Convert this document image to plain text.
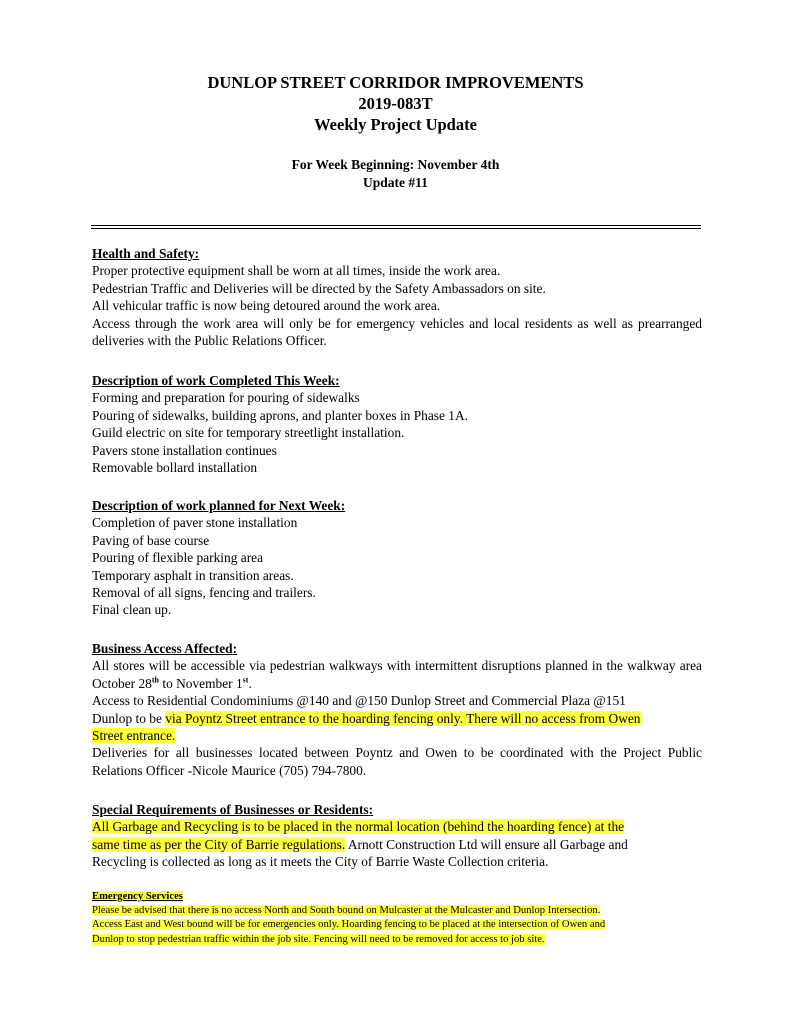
DUNLOP STREET CORRIDOR IMPROVEMENTS
2019-083T
Weekly Project Update
For Week Beginning: November 4th
Update #11
Health and Safety:
Proper protective equipment shall be worn at all times, inside the work area.
Pedestrian Traffic and Deliveries will be directed by the Safety Ambassadors on site.
All vehicular traffic is now being detoured around the work area.
Access through the work area will only be for emergency vehicles and local residents as well as prearranged deliveries with the Public Relations Officer.
Description of work Completed This Week:
Forming and preparation for pouring of sidewalks
Pouring of sidewalks, building aprons, and planter boxes in Phase 1A.
Guild electric on site for temporary streetlight installation.
Pavers stone installation continues
Removable bollard installation
Description of work planned for Next Week:
Completion of paver stone installation
Paving of base course
Pouring of flexible parking area
Temporary asphalt in transition areas.
Removal of all signs, fencing and trailers.
Final clean up.
Business Access Affected:
All stores will be accessible via pedestrian walkways with intermittent disruptions planned in the walkway area October 28th to November 1st.
Access to Residential Condominiums @140 and @150 Dunlop Street and Commercial Plaza @151
Dunlop to be via Poyntz Street entrance to the hoarding fencing only. There will no access from Owen
Street entrance.
Deliveries for all businesses located between Poyntz and Owen to be coordinated with the Project Public Relations Officer -Nicole Maurice (705) 794-7800.
Special Requirements of Businesses or Residents:
All Garbage and Recycling is to be placed in the normal location (behind the hoarding fence) at the
same time as per the City of Barrie regulations. Arnott Construction Ltd will ensure all Garbage and
Recycling is collected as long as it meets the City of Barrie Waste Collection criteria.
Emergency Services
Please be advised that there is no access North and South bound on Mulcaster at the Mulcaster and Dunlop Intersection.
Access East and West bound will be for emergencies only. Hoarding fencing to be placed at the intersection of Owen and
Dunlop to stop pedestrian traffic within the job site. Fencing will need to be removed for access to job site.
